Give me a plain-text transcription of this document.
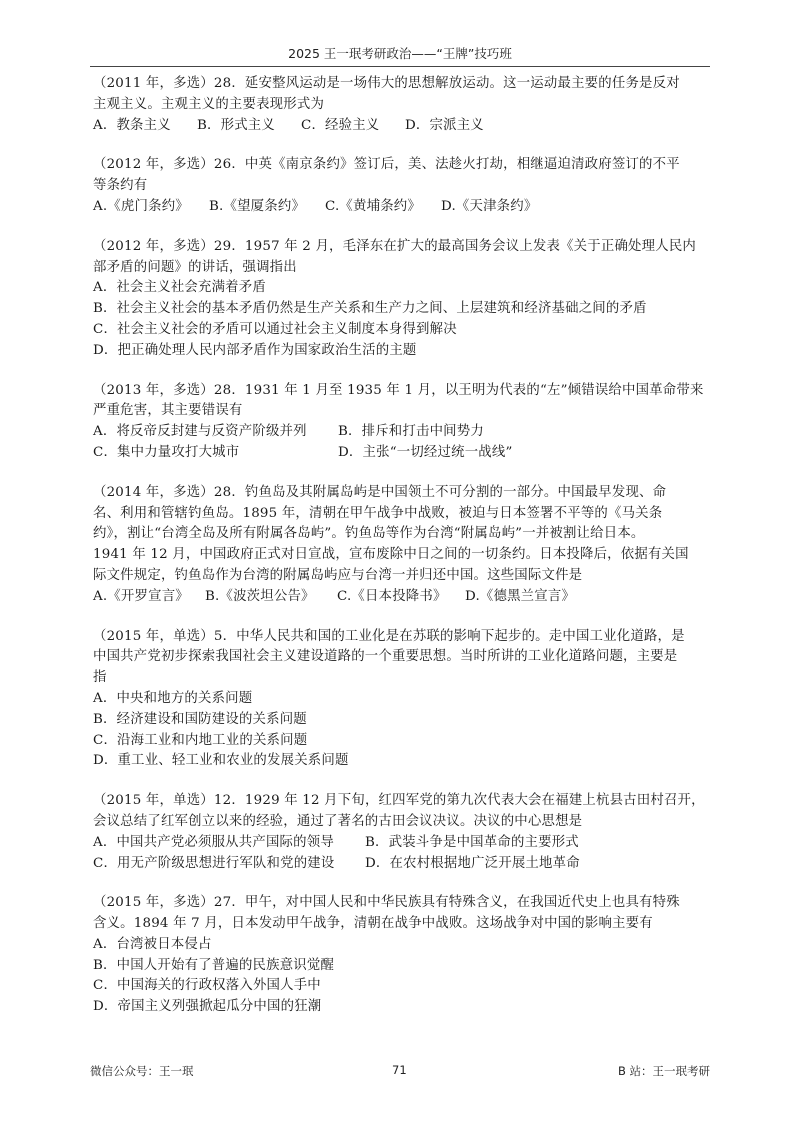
2025 王一珉考研政治——“王牌”技巧班
（2011 年，多选）28．延安整风运动是一场伟大的思想解放运动。这一运动最主要的任务是反对
主观主义。主观主义的主要表现形式为
A．教条主义 B．形式主义 C．经验主义 D．宗派主义
（2012 年，多选）26．中英《南京条约》签订后，美、法趁火打劫，相继逼迫清政府签订的不平
等条约有
A.《虎门条约》 B.《望厦条约》 C.《黄埔条约》 D.《天津条约》
（2012 年，多选）29．1957 年 2 月，毛泽东在扩大的最高国务会议上发表《关于正确处理人民内
部矛盾的问题》的讲话，强调指出
A．社会主义社会充满着矛盾
B．社会主义社会的基本矛盾仍然是生产关系和生产力之间、上层建筑和经济基础之间的矛盾
C．社会主义社会的矛盾可以通过社会主义制度本身得到解决
D．把正确处理人民内部矛盾作为国家政治生活的主题
（2013 年，多选）28．1931 年 1 月至 1935 年 1 月，以王明为代表的“左”倾错误给中国革命带来
严重危害，其主要错误有
A．将反帝反封建与反资产阶级并列 B．排斥和打击中间势力
C．集中力量攻打大城市	D．主张“一切经过统一战线”
（2014 年，多选）28．钓鱼岛及其附属岛屿是中国领土不可分割的一部分。中国最早发现、命
名、利用和管辖钓鱼岛。1895 年，清朝在甲午战争中战败，被迫与日本签署不平等的《马关条
约》，割让“台湾全岛及所有附属各岛屿”。钓鱼岛等作为台湾“附属岛屿”一并被割让给日本。
1941 年 12 月，中国政府正式对日宣战，宣布废除中日之间的一切条约。日本投降后，依据有关国
际文件规定，钓鱼岛作为台湾的附属岛屿应与台湾一并归还中国。这些国际文件是
A.《开罗宣言》 B.《波茨坦公告》 C.《日本投降书》 D.《德黑兰宣言》
（2015 年，单选）5．中华人民共和国的工业化是在苏联的影响下起步的。走中国工业化道路，是
中国共产党初步探索我国社会主义建设道路的一个重要思想。当时所讲的工业化道路问题，主要是
指
A．中央和地方的关系问题
B．经济建设和国防建设的关系问题
C．沿海工业和内地工业的关系问题
D．重工业、轻工业和农业的发展关系问题
（2015 年，单选）12．1929 年 12 月下旬，红四军党的第九次代表大会在福建上杭县古田村召开，
会议总结了红军创立以来的经验，通过了著名的古田会议决议。决议的中心思想是
A．中国共产党必须服从共产国际的领导 B．武装斗争是中国革命的主要形式
C．用无产阶级思想进行军队和党的建设 D．在农村根据地广泛开展土地革命
（2015 年，多选）27．甲午，对中国人民和中华民族具有特殊含义，在我国近代史上也具有特殊
含义。1894 年 7 月，日本发动甲午战争，清朝在战争中战败。这场战争对中国的影响主要有
A．台湾被日本侵占
B．中国人开始有了普遍的民族意识觉醒
C．中国海关的行政权落入外国人手中
D．帝国主义列强掀起瓜分中国的狂潮
微信公众号：王一珉	71	B 站：王一珉考研
